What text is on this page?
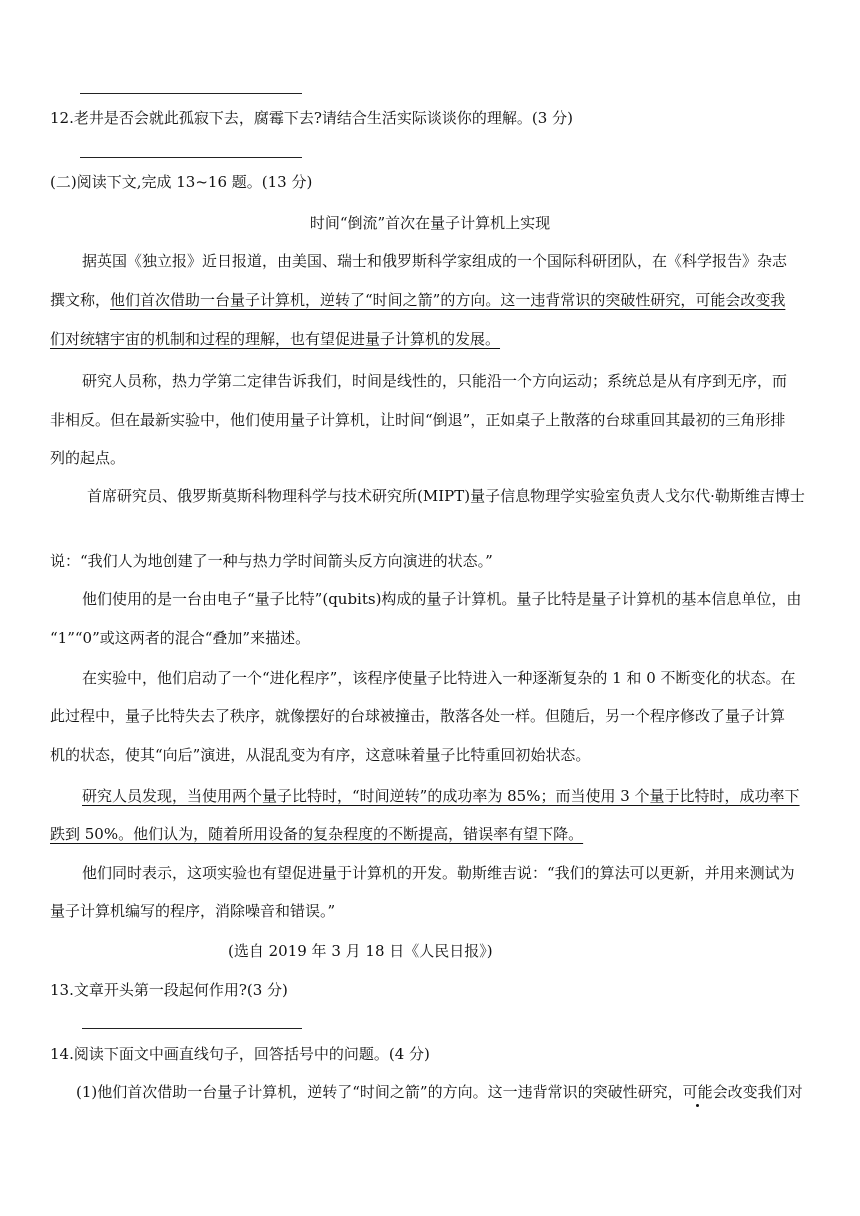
12.老井是否会就此孤寂下去，腐霉下去?请结合生活实际谈谈你的理解。(3 分)
(二)阅读下文,完成 13~16 题。(13 分)
时间“倒流”首次在量子计算机上实现
据英国《独立报》近日报道，由美国、瑞士和俄罗斯科学家组成的一个国际科研团队，在《科学报告》杂志
撰文称，他们首次借助一台量子计算机，逆转了“时间之箭”的方向。这一违背常识的突破性研究，可能会改变我
们对统辖宇宙的机制和过程的理解，也有望促进量子计算机的发展。
研究人员称，热力学第二定律告诉我们，时间是线性的，只能沿一个方向运动；系统总是从有序到无序，而
非相反。但在最新实验中，他们使用量子计算机，让时间“倒退”，正如桌子上散落的台球重回其最初的三角形排
列的起点。
首席研究员、俄罗斯莫斯科物理科学与技术研究所(MIPT)量子信息物理学实验室负责人戈尔代·勒斯维吉博士
说：“我们人为地创建了一种与热力学时间箭头反方向演进的状态。”
他们使用的是一台由电子“量子比特”(qubits)构成的量子计算机。量子比特是量子计算机的基本信息单位，由
“1”“0”或这两者的混合“叠加”来描述。
在实验中，他们启动了一个“进化程序”，该程序使量子比特进入一种逐渐复杂的 1 和 0 不断变化的状态。在
此过程中，量子比特失去了秩序，就像摆好的台球被撞击，散落各处一样。但随后，另一个程序修改了量子计算
机的状态，使其“向后”演进，从混乱变为有序，这意味着量子比特重回初始状态。
研究人员发现，当使用两个量子比特时，“时间逆转”的成功率为 85%；而当使用 3 个量于比特时，成功率下
跌到 50%。他们认为，随着所用设备的复杂程度的不断提高，错误率有望下降。
他们同时表示，这项实验也有望促进量于计算机的开发。勒斯维吉说：“我们的算法可以更新，并用来测试为
量子计算机编写的程序，消除噪音和错误。”
(选自 2019 年 3 月 18 日《人民日报》)
13.文章开头第一段起何作用?(3 分)
14.阅读下面文中画直线句子，回答括号中的问题。(4 分)
(1)他们首次借助一台量子计算机，逆转了“时间之箭”的方向。这一违背常识的突破性研究，可能会改变我们对
